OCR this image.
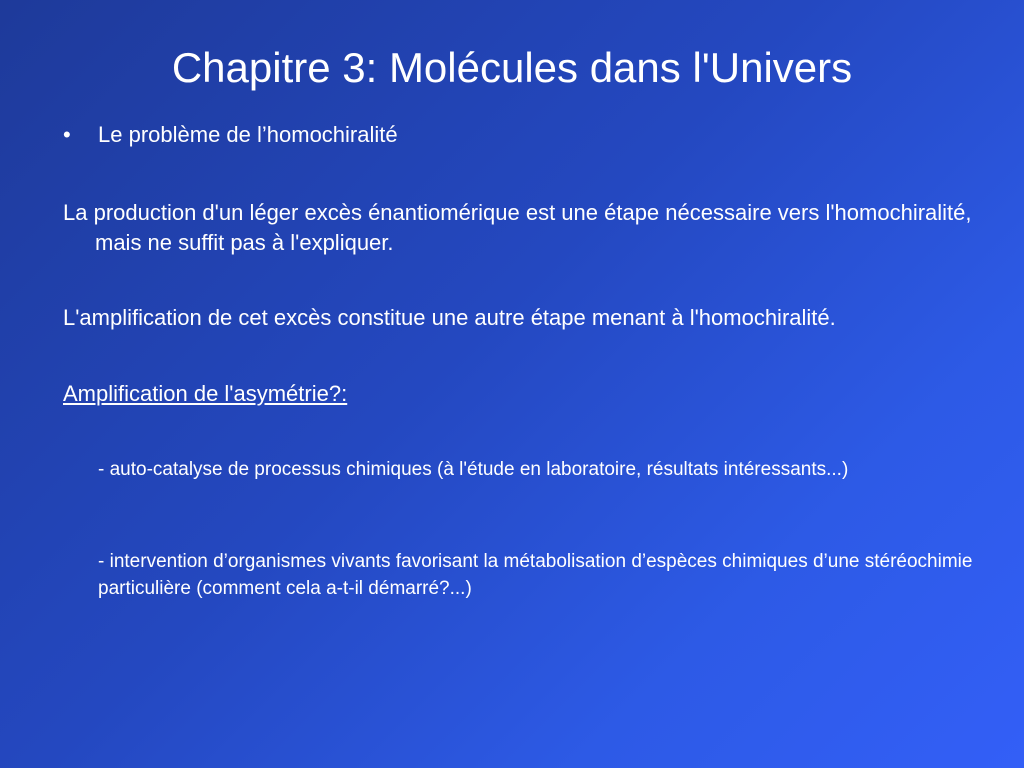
Chapitre 3: Molécules dans l'Univers
•	Le problème de l’homochiralité
La production d'un léger excès énantiomérique est une étape nécessaire vers l'homochiralité, mais ne suffit pas à l'expliquer.
L'amplification de cet excès constitue une autre étape menant à l'homochiralité.
Amplification de l'asymétrie?:
- auto-catalyse de processus chimiques (à l'étude en laboratoire, résultats intéressants...)
- intervention d’organismes vivants favorisant la métabolisation d’espèces chimiques d’une stéréochimie particulière (comment cela a-t-il démarré?...)
